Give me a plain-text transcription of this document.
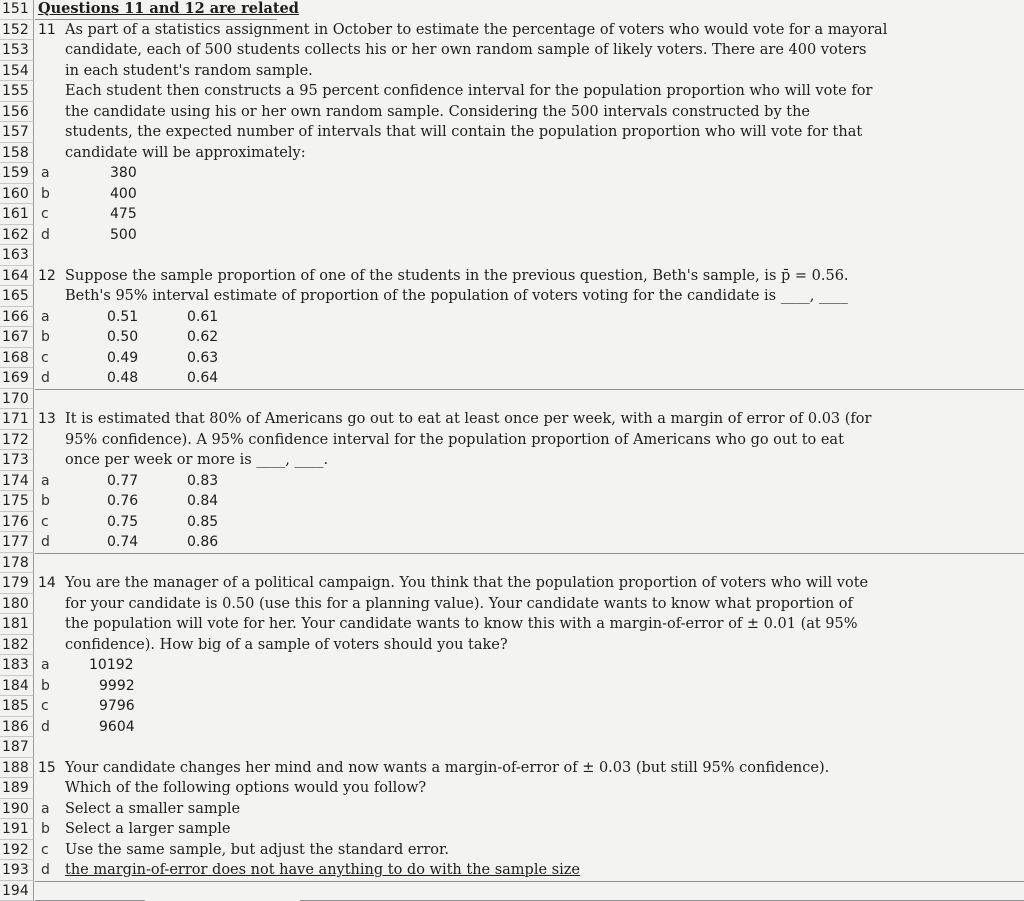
151 Questions 11 and 12 are related
152 11 As part of a statistics assignment in October to estimate the percentage of voters who would vote for a mayoral
153	candidate, each of 500 students collects his or her own random sample of likely voters. There are 400 voters
154	in each student's random sample.
155	Each student then constructs a 95 percent confidence interval for the population proportion who will vote for
156	the candidate using his or her own random sample. Considering the 500 intervals constructed by the
157	students, the expected number of intervals that will contain the population proportion who will vote for that
158	candidate will be approximately:
159 a	380
160 b	400
161 c	475
162 d	500
163
164 12 Suppose the sample proportion of one of the students in the previous question, Beth's sample, is p̄ = 0.56.
165	Beth's 95% interval estimate of proportion of the population of voters voting for the candidate is ____, ____
166 a	0.51	0.61
167 b	0.50	0.62
168 c	0.49	0.63
169 d	0.48	0.64
170
171 13 It is estimated that 80% of Americans go out to eat at least once per week, with a margin of error of 0.03 (for
172	95% confidence). A 95% confidence interval for the population proportion of Americans who go out to eat
173	once per week or more is ____, ____.
174 a	0.77	0.83
175 b	0.76	0.84
176 c	0.75	0.85
177 d	0.74	0.86
178
179 14 You are the manager of a political campaign. You think that the population proportion of voters who will vote
180	for your candidate is 0.50 (use this for a planning value). Your candidate wants to know what proportion of
181	the population will vote for her. Your candidate wants to know this with a margin-of-error of ± 0.01 (at 95%
182	confidence). How big of a sample of voters should you take?
183 a	10192
184 b	9992
185 c	9796
186 d	9604
187
188 15 Your candidate changes her mind and now wants a margin-of-error of ± 0.03 (but still 95% confidence).
189	Which of the following options would you follow?
190 a	Select a smaller sample
191 b	Select a larger sample
192 c	Use the same sample, but adjust the standard error.
193 d	the margin-of-error does not have anything to do with the sample size
194
